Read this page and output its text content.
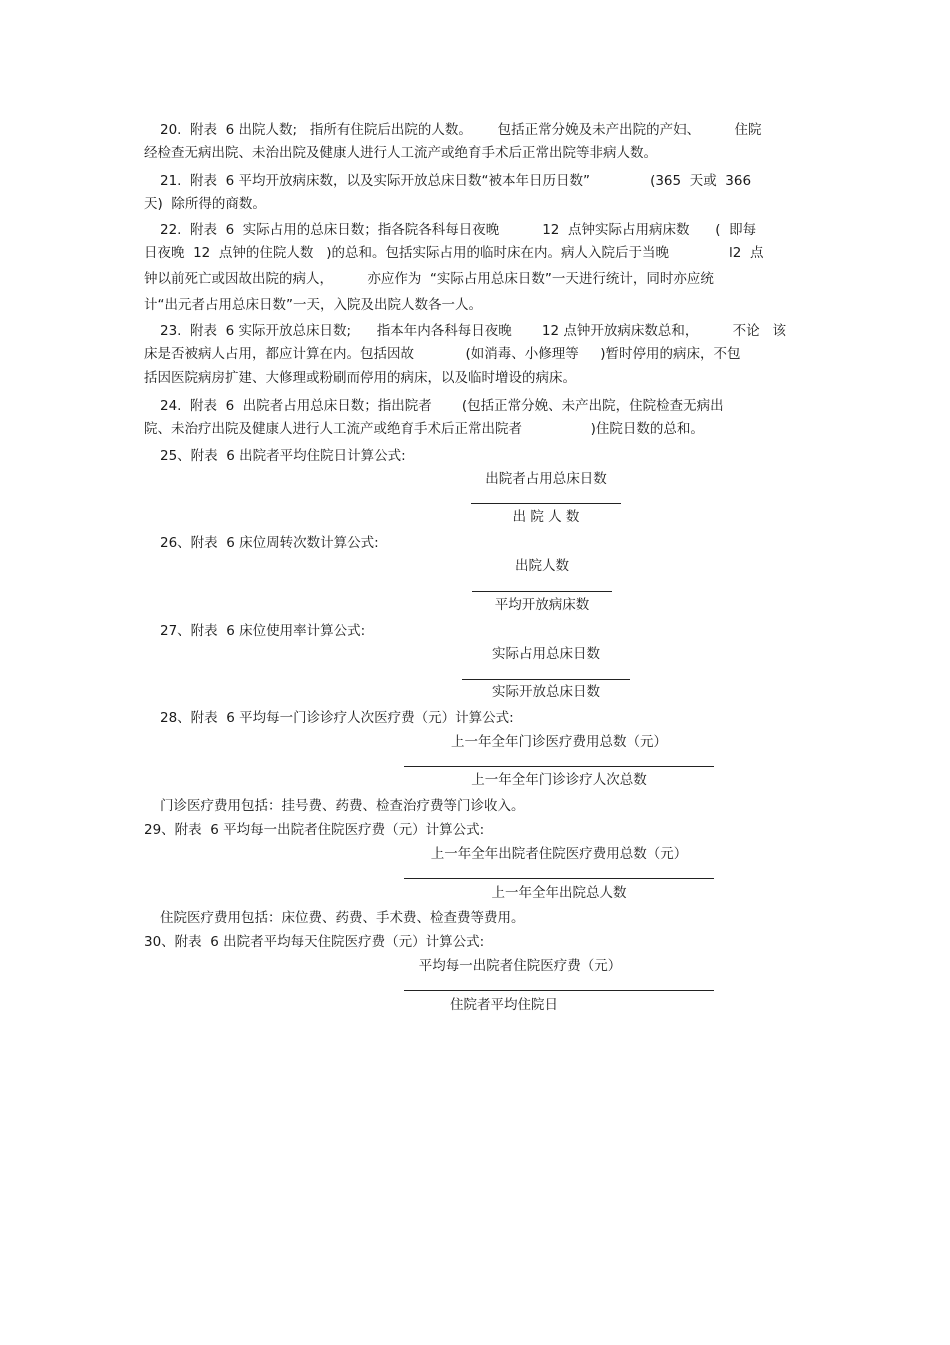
20.  附表  6 出院人数;   指所有住院后出院的人数。      包括正常分娩及未产出院的产妇、        住院
经检查无病出院、未治出院及健康人进行人工流产或绝育手术后正常出院等非病人数。
21.  附表  6 平均开放病床数，以及实际开放总床日数“被本年日历日数”              (365  天或  366
天)  除所得的商数。
22.  附表  6  实际占用的总床日数；指各院各科每日夜晚          12  点钟实际占用病床数      (  即每
日夜晚  12  点钟的住院人数   )的总和。包括实际占用的临时床在内。病人入院后于当晚              l2  点
钟以前死亡或因故出院的病人，        亦应作为  “实际占用总床日数”一天进行统计，同时亦应统
计“出元者占用总床日数”一天，入院及出院人数各一人。
23.  附表  6 实际开放总床日数;      指本年内各科每日夜晚       12 点钟开放病床数总和，        不论   该
床是否被病人占用，都应计算在内。包括因故            (如消毒、小修理等     )暂时停用的病床，不包
括因医院病房扩建、大修理或粉刷而停用的病床，以及临时增设的病床。
24.  附表  6  出院者占用总床日数；指出院者       (包括正常分娩、未产出院，住院检查无病出
院、未治疗出院及健康人进行人工流产或绝育手术后正常出院者                )住院日数的总和。
25、附表  6 出院者平均住院日计算公式:
出院者占用总床日数
出 院 人 数
26、附表  6 床位周转次数计算公式:
出院人数
平均开放病床数
27、附表  6 床位使用率计算公式:
实际占用总床日数
实际开放总床日数
28、附表  6 平均每一门诊诊疗人次医疗费（元）计算公式:
上一年全年门诊医疗费用总数（元）
上一年全年门诊诊疗人次总数
门诊医疗费用包括：挂号费、药费、检查治疗费等门诊收入。
29、附表  6 平均每一出院者住院医疗费（元）计算公式:
上一年全年出院者住院医疗费用总数（元）
上一年全年出院总人数
住院医疗费用包括：床位费、药费、手术费、检查费等费用。
30、附表  6 出院者平均每天住院医疗费（元）计算公式:
平均每一出院者住院医疗费（元）
住院者平均住院日
